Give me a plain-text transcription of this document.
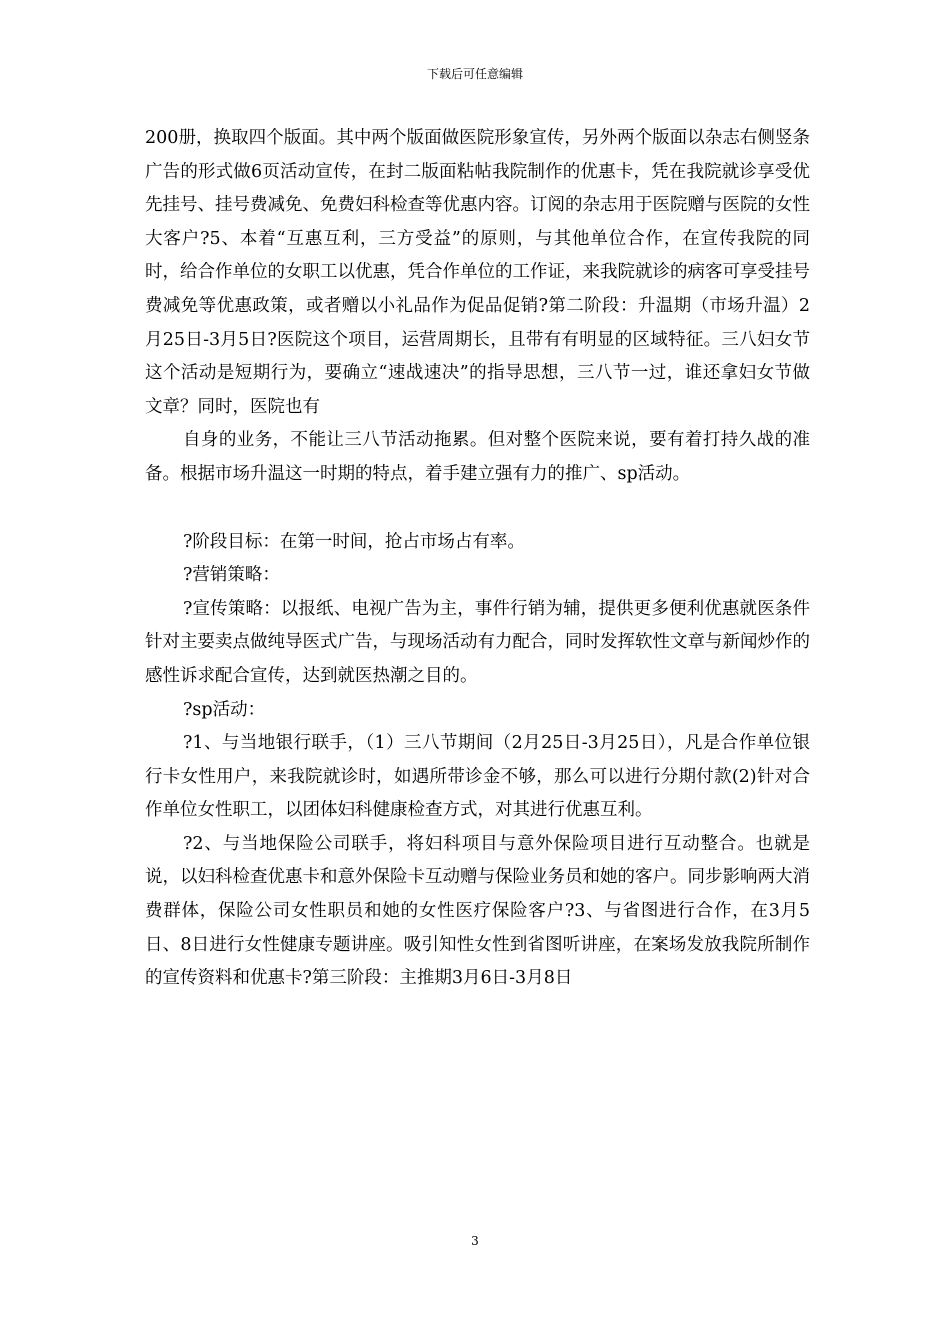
下载后可任意编辑

200册，换取四个版面。其中两个版面做医院形象宣传，另外两个版面以杂志右侧竖条广告的形式做6页活动宣传，在封二版面粘帖我院制作的优惠卡，凭在我院就诊享受优先挂号、挂号费减免、免费妇科检查等优惠内容。订阅的杂志用于医院赠与医院的女性大客户?5、本着“互惠互利，三方受益”的原则，与其他单位合作，在宣传我院的同时，给合作单位的女职工以优惠，凭合作单位的工作证，来我院就诊的病客可享受挂号费减免等优惠政策，或者赠以小礼品作为促品促销?第二阶段：升温期（市场升温）2月25日-3月5日?医院这个项目，运营周期长，且带有有明显的区域特征。三八妇女节这个活动是短期行为，要确立“速战速决”的指导思想，三八节一过，谁还拿妇女节做文章？同时，医院也有

自身的业务，不能让三八节活动拖累。但对整个医院来说，要有着打持久战的准备。根据市场升温这一时期的特点，着手建立强有力的推广、sp活动。

?阶段目标：在第一时间，抢占市场占有率。

?营销策略：

?宣传策略：以报纸、电视广告为主，事件行销为辅，提供更多便利优惠就医条件针对主要卖点做纯导医式广告，与现场活动有力配合，同时发挥软性文章与新闻炒作的感性诉求配合宣传，达到就医热潮之目的。

?sp活动：

?1、与当地银行联手，（1）三八节期间（2月25日-3月25日），凡是合作单位银行卡女性用户，来我院就诊时，如遇所带诊金不够，那么可以进行分期付款(2)针对合作单位女性职工，以团体妇科健康检查方式，对其进行优惠互利。

?2、与当地保险公司联手，将妇科项目与意外保险项目进行互动整合。也就是说，以妇科检查优惠卡和意外保险卡互动赠与保险业务员和她的客户。同步影响两大消费群体，保险公司女性职员和她的女性医疗保险客户?3、与省图进行合作，在3月5日、8日进行女性健康专题讲座。吸引知性女性到省图听讲座，在案场发放我院所制作的宣传资料和优惠卡?第三阶段：主推期3月6日-3月8日

3
